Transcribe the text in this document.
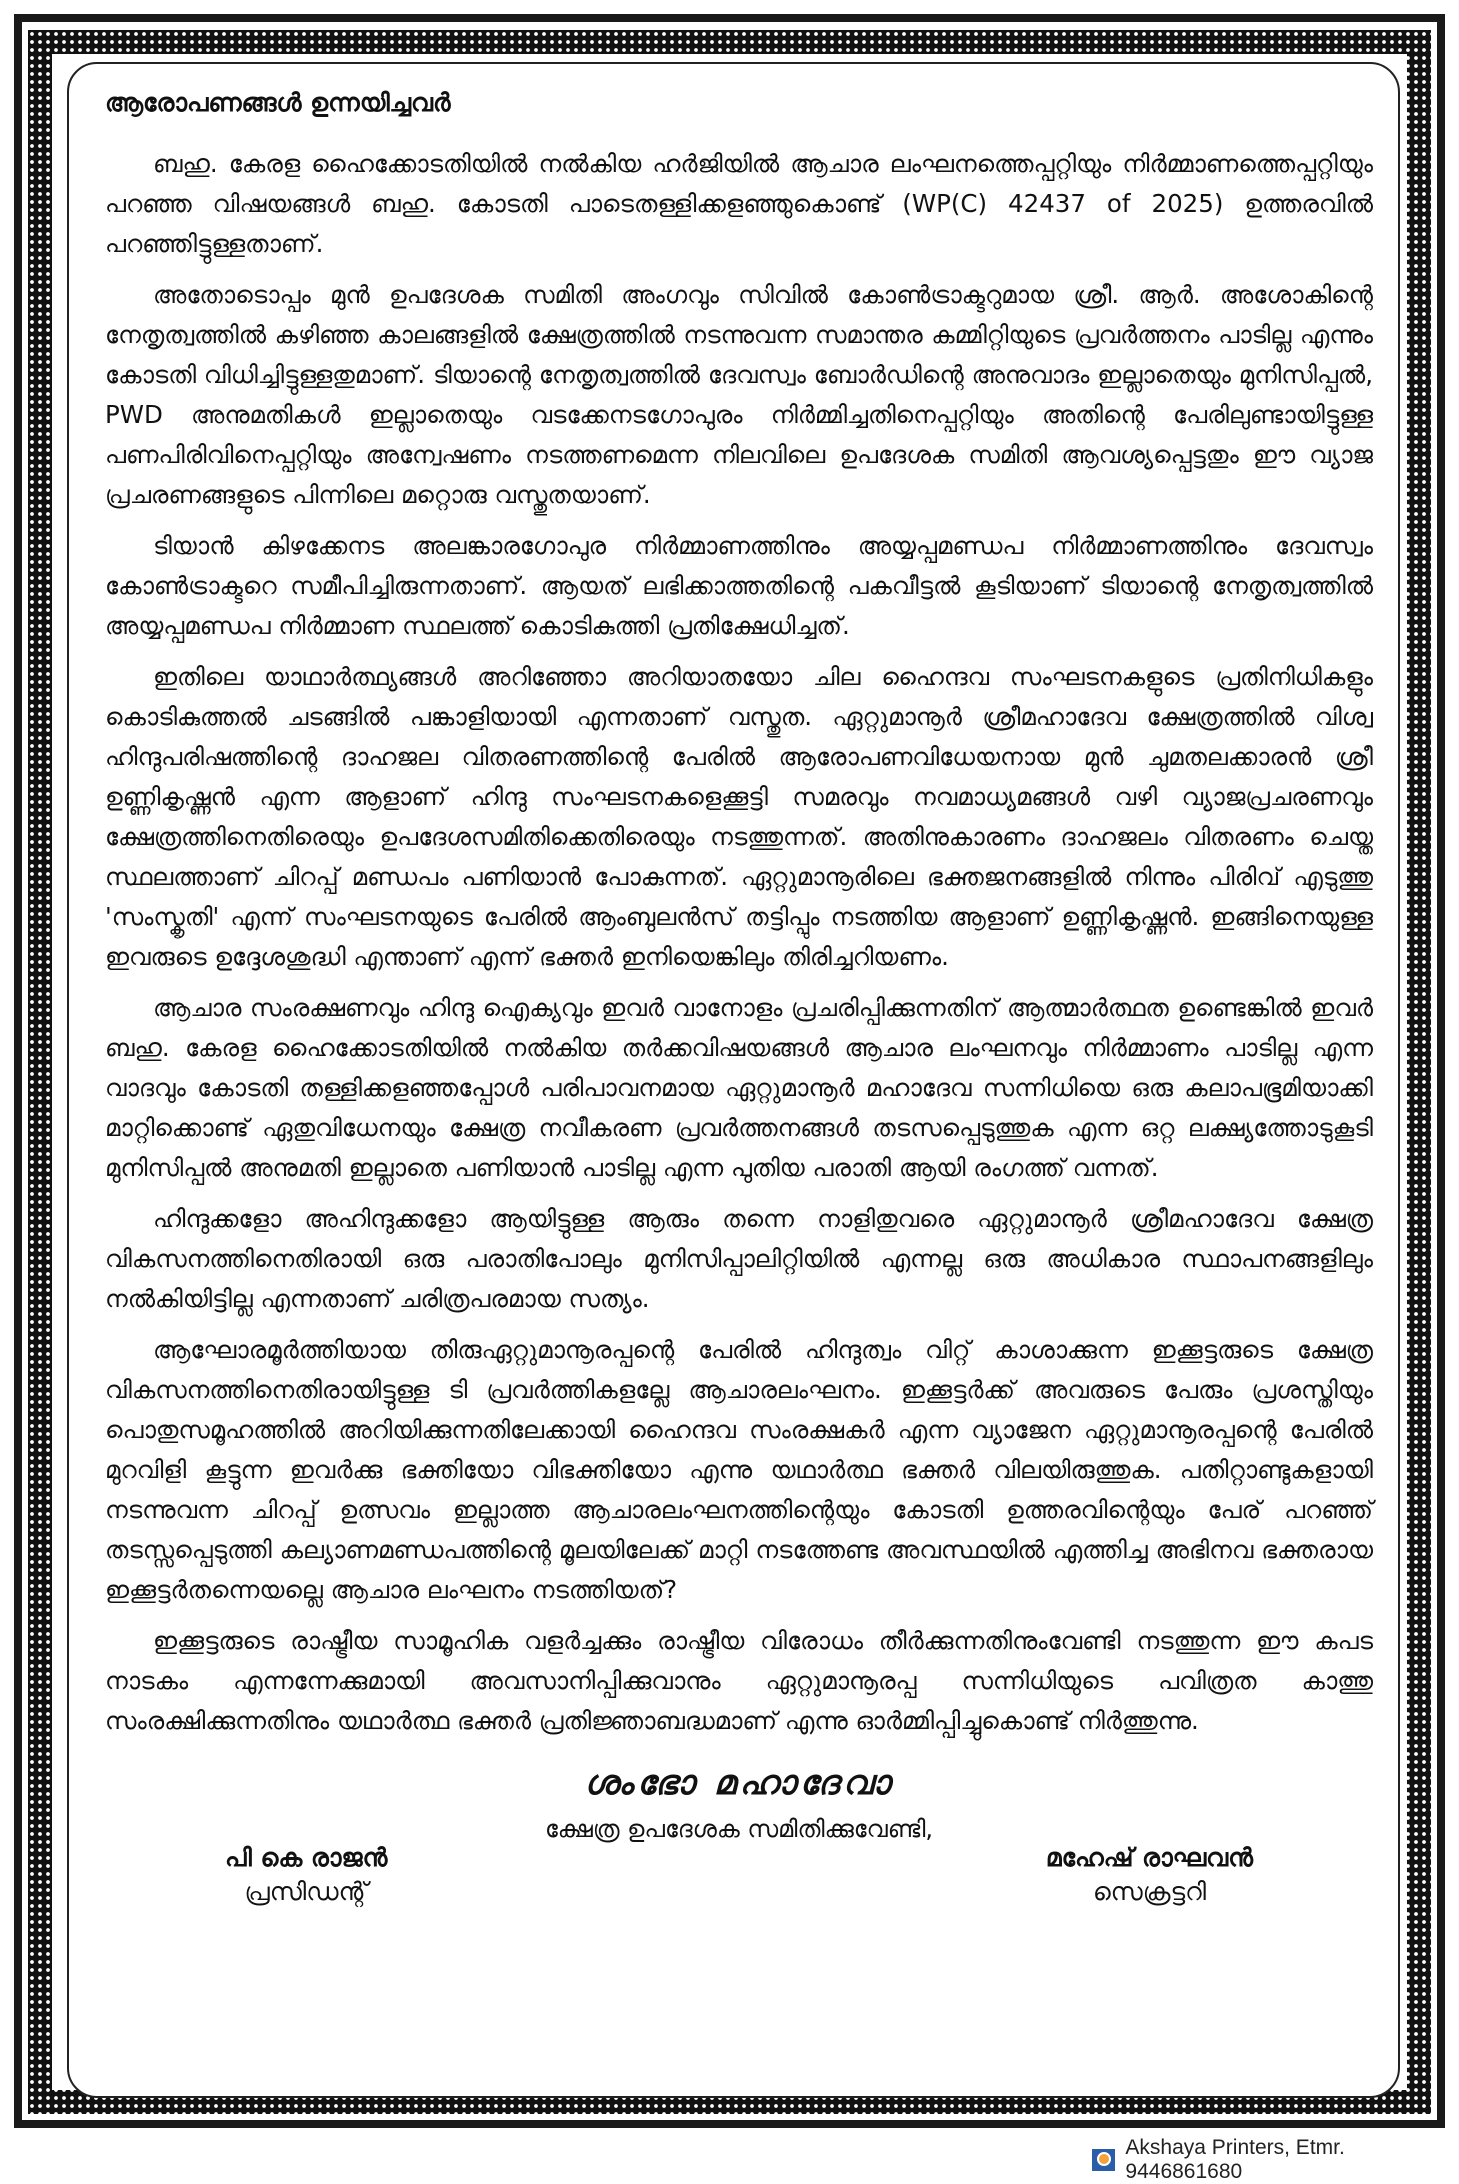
ആരോപണങ്ങൾ ഉന്നയിച്ചവർ

ബഹു. കേരള ഹൈക്കോടതിയിൽ നൽകിയ ഹർജിയിൽ ആചാര ലംഘനത്തെപ്പറ്റിയും നിർമ്മാണത്തെപ്പറ്റിയും പറഞ്ഞ വിഷയങ്ങൾ ബഹു. കോടതി പാടെതള്ളിക്കളഞ്ഞുകൊണ്ട് (WP(C) 42437 of 2025) ഉത്തരവിൽ പറഞ്ഞിട്ടുള്ളതാണ്.

അതോടൊപ്പം മുൻ ഉപദേശക സമിതി അംഗവും സിവിൽ കോൺട്രാക്ടറുമായ ശ്രീ. ആർ. അശോകിന്റെ നേതൃത്വത്തിൽ കഴിഞ്ഞ കാലങ്ങളിൽ ക്ഷേത്രത്തിൽ നടന്നുവന്ന സമാന്തര കമ്മിറ്റിയുടെ പ്രവർത്തനം പാടില്ല എന്നും കോടതി വിധിച്ചിട്ടുള്ളതുമാണ്. ടിയാന്റെ നേതൃത്വത്തിൽ ദേവസ്വം ബോർഡിന്റെ അനുവാദം ഇല്ലാതെയും മുനിസിപ്പൽ, PWD അനുമതികൾ ഇല്ലാതെയും വടക്കേനടഗോപുരം നിർമ്മിച്ചതിനെപ്പറ്റിയും അതിന്റെ പേരിലുണ്ടായിട്ടുള്ള പണപിരിവിനെപ്പറ്റിയും അന്വേഷണം നടത്തണമെന്ന നിലവിലെ ഉപദേശക സമിതി ആവശ്യപ്പെട്ടതും ഈ വ്യാജ പ്രചരണങ്ങളുടെ പിന്നിലെ മറ്റൊരു വസ്തുതയാണ്.

ടിയാൻ കിഴക്കേനട അലങ്കാരഗോപുര നിർമ്മാണത്തിനും അയ്യപ്പമണ്ഡപ നിർമ്മാണത്തിനും ദേവസ്വം കോൺട്രാക്ടറെ സമീപിച്ചിരുന്നതാണ്. ആയത് ലഭിക്കാത്തതിന്റെ പകവീട്ടൽ കൂടിയാണ് ടിയാന്റെ നേതൃത്വത്തിൽ അയ്യപ്പമണ്ഡപ നിർമ്മാണ സ്ഥലത്ത് കൊടികുത്തി പ്രതിക്ഷേധിച്ചത്.

ഇതിലെ യാഥാർത്ഥ്യങ്ങൾ അറിഞ്ഞോ അറിയാതയോ ചില ഹൈന്ദവ സംഘടനകളുടെ പ്രതിനിധികളും കൊടികുത്തൽ ചടങ്ങിൽ പങ്കാളിയായി എന്നതാണ് വസ്തുത. ഏറ്റുമാനൂർ ശ്രീമഹാദേവ ക്ഷേത്രത്തിൽ വിശ്വ ഹിന്ദുപരിഷത്തിന്റെ ദാഹജല വിതരണത്തിന്റെ പേരിൽ ആരോപണവിധേയനായ മുൻ ചുമതലക്കാരൻ ശ്രീ ഉണ്ണികൃഷ്ണൻ എന്ന ആളാണ് ഹിന്ദു സംഘടനകളെക്കൂട്ടി സമരവും നവമാധ്യമങ്ങൾ വഴി വ്യാജപ്രചരണവും ക്ഷേത്രത്തിനെതിരെയും ഉപദേശസമിതിക്കെതിരെയും നടത്തുന്നത്. അതിനുകാരണം ദാഹജലം വിതരണം ചെയ്ത സ്ഥലത്താണ് ചിറപ്പ് മണ്ഡപം പണിയാൻ പോകുന്നത്. ഏറ്റുമാനൂരിലെ ഭക്തജനങ്ങളിൽ നിന്നും പിരിവ് എടുത്തു 'സംസ്കൃതി' എന്ന് സംഘടനയുടെ പേരിൽ ആംബുലൻസ് തട്ടിപ്പും നടത്തിയ ആളാണ് ഉണ്ണികൃഷ്ണൻ. ഇങ്ങിനെയുള്ള ഇവരുടെ ഉദ്ദേശശുദ്ധി എന്താണ് എന്ന് ഭക്തർ ഇനിയെങ്കിലും തിരിച്ചറിയണം.

ആചാര സംരക്ഷണവും ഹിന്ദു ഐക്യവും ഇവർ വാനോളം പ്രചരിപ്പിക്കുന്നതിന് ആത്മാർത്ഥത ഉണ്ടെങ്കിൽ ഇവർ ബഹു. കേരള ഹൈക്കോടതിയിൽ നൽകിയ തർക്കവിഷയങ്ങൾ ആചാര ലംഘനവും നിർമ്മാണം പാടില്ല എന്ന വാദവും കോടതി തള്ളിക്കളഞ്ഞപ്പോൾ പരിപാവനമായ ഏറ്റുമാനൂർ മഹാദേവ സന്നിധിയെ ഒരു കലാപഭൂമിയാക്കി മാറ്റിക്കൊണ്ട് ഏതുവിധേനയും ക്ഷേത്ര നവീകരണ പ്രവർത്തനങ്ങൾ തടസപ്പെടുത്തുക എന്ന ഒറ്റ ലക്ഷ്യത്തോടുകൂടി മുനിസിപ്പൽ അനുമതി ഇല്ലാതെ പണിയാൻ പാടില്ല എന്ന പുതിയ പരാതി ആയി രംഗത്ത് വന്നത്.

ഹിന്ദുക്കളോ അഹിന്ദുക്കളോ ആയിട്ടുള്ള ആരും തന്നെ നാളിതുവരെ ഏറ്റുമാനൂർ ശ്രീമഹാദേവ ക്ഷേത്ര വികസനത്തിനെതിരായി ഒരു പരാതിപോലും മുനിസിപ്പാലിറ്റിയിൽ എന്നല്ല ഒരു അധികാര സ്ഥാപനങ്ങളിലും നൽകിയിട്ടില്ല എന്നതാണ് ചരിത്രപരമായ സത്യം.

ആഘോരമൂർത്തിയായ തിരുഏറ്റുമാനൂരപ്പന്റെ പേരിൽ ഹിന്ദുത്വം വിറ്റ് കാശാക്കുന്ന ഇക്കൂട്ടരുടെ ക്ഷേത്ര വികസനത്തിനെതിരായിട്ടുള്ള ടി പ്രവർത്തികളല്ലേ ആചാരലംഘനം. ഇക്കൂട്ടർക്ക് അവരുടെ പേരും പ്രശസ്തിയും പൊതുസമൂഹത്തിൽ അറിയിക്കുന്നതിലേക്കായി ഹൈന്ദവ സംരക്ഷകർ എന്ന വ്യാജേന ഏറ്റുമാനൂരപ്പന്റെ പേരിൽ മുറവിളി കൂട്ടുന്ന ഇവർക്കു ഭക്തിയോ വിഭക്തിയോ എന്നു യഥാർത്ഥ ഭക്തർ വിലയിരുത്തുക. പതിറ്റാണ്ടുകളായി നടന്നുവന്ന ചിറപ്പ് ഉത്സവം ഇല്ലാത്ത ആചാരലംഘനത്തിന്റെയും കോടതി ഉത്തരവിന്റെയും പേര് പറഞ്ഞ് തടസ്സപ്പെടുത്തി കല്യാണമണ്ഡപത്തിന്റെ മൂലയിലേക്ക് മാറ്റി നടത്തേണ്ട അവസ്ഥയിൽ എത്തിച്ച അഭിനവ ഭക്തരായ ഇക്കൂട്ടർതന്നെയല്ലെ ആചാര ലംഘനം നടത്തിയത്?

ഇക്കൂട്ടരുടെ രാഷ്ട്രീയ സാമൂഹിക വളർച്ചക്കും രാഷ്ട്രീയ വിരോധം തീർക്കുന്നതിനുംവേണ്ടി നടത്തുന്ന ഈ കപട നാടകം എന്നന്നേക്കുമായി അവസാനിപ്പിക്കുവാനും ഏറ്റുമാനൂരപ്പ സന്നിധിയുടെ പവിത്രത കാത്തു സംരക്ഷിക്കുന്നതിനും യഥാർത്ഥ ഭക്തർ പ്രതിജ്ഞാബദ്ധമാണ് എന്നു ഓർമ്മിപ്പിച്ചുകൊണ്ട് നിർത്തുന്നു.

ശംഭോ മഹാദേവാ
ക്ഷേത്ര ഉപദേശക സമിതിക്കുവേണ്ടി,
പി കെ രാജൻ
പ്രസിഡന്റ്
മഹേഷ് രാഘവൻ
സെക്രട്ടറി
Akshaya Printers, Etmr. 9446861680
